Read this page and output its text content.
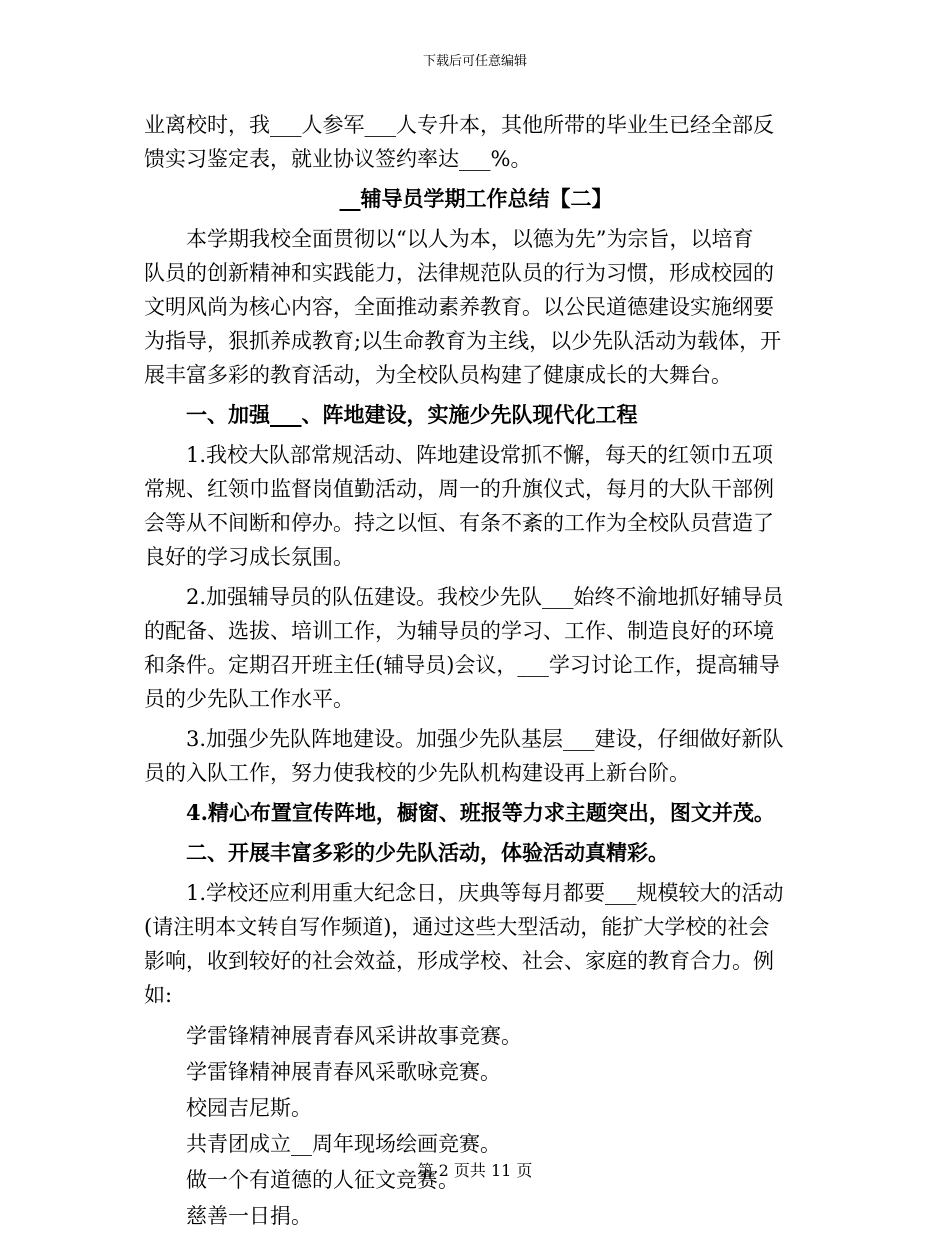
下载后可任意编辑
业离校时，我___人参军___人专升本，其他所带的毕业生已经全部反
馈实习鉴定表，就业协议签约率达___%。
__辅导员学期工作总结【二】
本学期我校全面贯彻以“以人为本，以德为先”为宗旨，以培育
队员的创新精神和实践能力，法律规范队员的行为习惯，形成校园的
文明风尚为核心内容，全面推动素养教育。以公民道德建设实施纲要
为指导，狠抓养成教育;以生命教育为主线，以少先队活动为载体，开
展丰富多彩的教育活动，为全校队员构建了健康成长的大舞台。
一、加强___、阵地建设，实施少先队现代化工程
1.我校大队部常规活动、阵地建设常抓不懈，每天的红领巾五项
常规、红领巾监督岗值勤活动，周一的升旗仪式，每月的大队干部例
会等从不间断和停办。持之以恒、有条不紊的工作为全校队员营造了
良好的学习成长氛围。
2.加强辅导员的队伍建设。我校少先队___始终不渝地抓好辅导员
的配备、选拔、培训工作，为辅导员的学习、工作、制造良好的环境
和条件。定期召开班主任(辅导员)会议，___学习讨论工作，提高辅导
员的少先队工作水平。
3.加强少先队阵地建设。加强少先队基层___建设，仔细做好新队
员的入队工作，努力使我校的少先队机构建设再上新台阶。
4.精心布置宣传阵地，橱窗、班报等力求主题突出，图文并茂。
二、开展丰富多彩的少先队活动，体验活动真精彩。
1.学校还应利用重大纪念日，庆典等每月都要___规模较大的活动
(请注明本文转自写作频道)，通过这些大型活动，能扩大学校的社会
影响，收到较好的社会效益，形成学校、社会、家庭的教育合力。例
如:
学雷锋精神展青春风采讲故事竞赛。
学雷锋精神展青春风采歌咏竞赛。
校园吉尼斯。
共青团成立__周年现场绘画竞赛。
做一个有道德的人征文竞赛。
慈善一日捐。
第 2 页共 11 页
